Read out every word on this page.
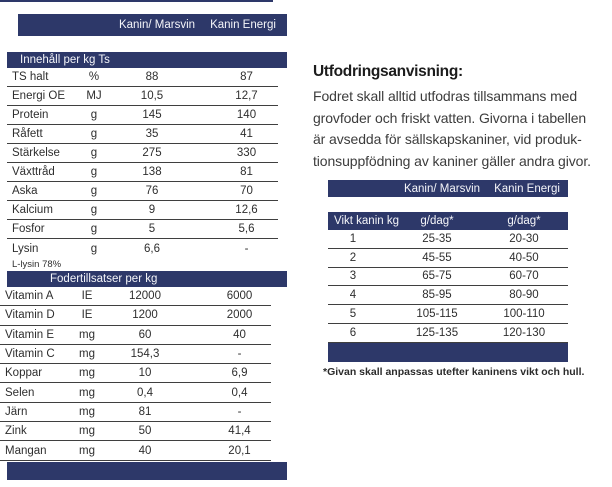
Kanin/ Marsvin Kanin Energi
Innehåll per kg Ts
TS halt	%	88	87
Energi OE	MJ	10,5	12,7
Protein	g	145	140
Råfett	g	35	41
Stärkelse	g	275	330
Växttråd	g	138	81
Aska	g	76	70
Kalcium	g	9	12,6
Fosfor	g	5	5,6
Lysin	g	6,6	-
L-lysin 78%
Fodertillsatser per kg
Vitamin A	IE	12000	6000
Vitamin D	IE	1200	2000
Vitamin E	mg	60	40
Vitamin C	mg	154,3	-
Koppar	mg	10	6,9
Selen	mg	0,4	0,4
Järn	mg	81	-
Zink	mg	50	41,4
Mangan	mg	40	20,1
Utfodringsanvisning:
Fodret skall alltid utfodras tillsammans med
grovfoder och friskt vatten. Givorna i tabellen
är avsedda för sällskapskaniner, vid produk-
tionsuppfödning av kaniner gäller andra givor.
Kanin/ Marsvin Kanin Energi
Vikt kanin kg	g/dag*	g/dag*
1	25-35	20-30
2	45-55	40-50
3	65-75	60-70
4	85-95	80-90
5	105-115	100-110
6	125-135	120-130
*Givan skall anpassas utefter kaninens vikt och hull.
